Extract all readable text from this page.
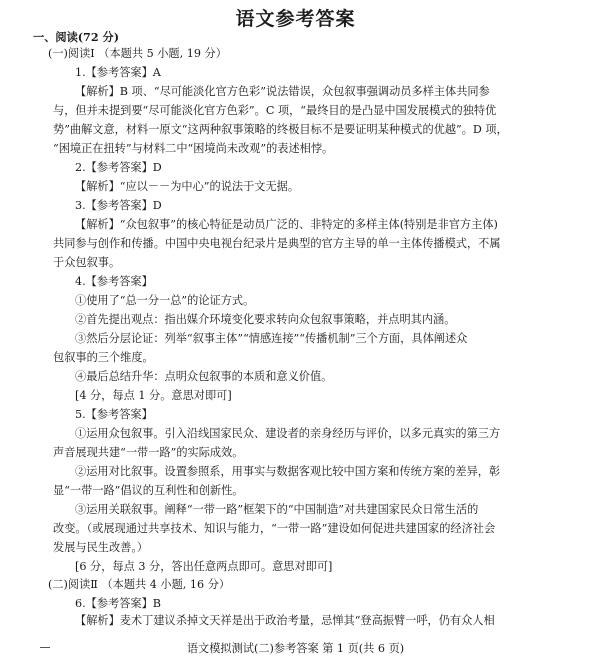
语文参考答案
一、阅读(72 分)
(一)阅读Ⅰ （本题共 5 小题, 19 分）
1.【参考答案】A
【解析】B 项、“尽可能淡化官方色彩”说法错误，众包叙事强调动员多样主体共同参
与，但并未提到要“尽可能淡化官方色彩”。C 项，“最终目的是凸显中国发展模式的独特优
势”曲解文意，材料一原文“这两种叙事策略的终极目标不是要证明某种模式的优越”。D 项，
“困境正在扭转”与材料二中“困境尚未改观”的表述相悖。
2.【参考答案】D
【解析】“应以－－为中心”的说法于文无据。
3.【参考答案】D
【解析】“众包叙事”的核心特征是动员广泛的、非特定的多样主体(特别是非官方主体)
共同参与创作和传播。中国中央电视台纪录片是典型的官方主导的单一主体传播模式，不属
于众包叙事。
4.【参考答案】
①使用了“总一分一总”的论证方式。
②首先提出观点：指出媒介环境变化要求转向众包叙事策略，并点明其内涵。
③然后分层论证：列举“叙事主体”“情感连接”“传播机制”三个方面，具体阐述众
包叙事的三个维度。
④最后总结升华：点明众包叙事的本质和意义价值。
[4 分，每点 1 分。意思对即可]
5.【参考答案】
①运用众包叙事。引入沿线国家民众、建设者的亲身经历与评价，以多元真实的第三方
声音展现共建“一带一路”的实际成效。
②运用对比叙事。设置参照系，用事实与数据客观比较中国方案和传统方案的差异，彰
显“一带一路”倡议的互利性和创新性。
③运用关联叙事。阐释“一带一路”框架下的“中国制造”对共建国家民众日常生活的
改变。（或展现通过共享技术、知识与能力，“一带一路”建设如何促进共建国家的经济社会
发展与民生改善。）
[6 分，每点 3 分，答出任意两点即可。意思对即可]
(二)阅读Ⅱ （本题共 4 小题, 16 分）
语文模拟测试(二)参考答案 第 1 页(共 6 页)
6.【参考答案】B
【解析】麦术丁建议杀掉文天祥是出于政治考量，忌惮其“登高振臂一呼，仍有众人相
